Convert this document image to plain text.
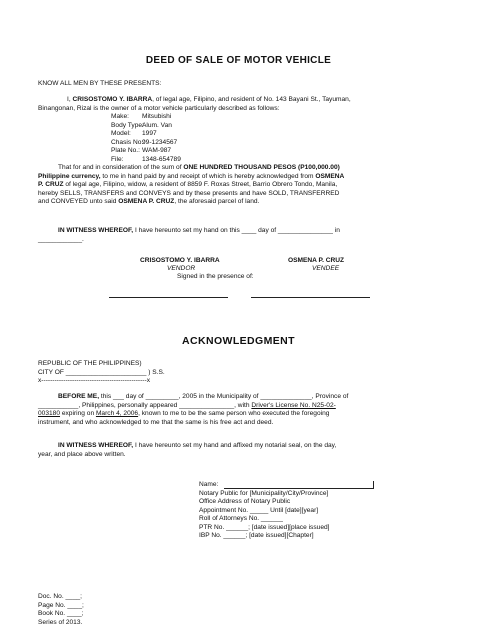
DEED OF SALE OF MOTOR VEHICLE
KNOW ALL MEN BY THESE PRESENTS:
I, CRISOSTOMO Y. IBARRA, of legal age, Filipino, and resident of No. 143 Bayani St., Tayuman,
Binangonan, Rizal is the owner of a motor vehicle particularly described as follows:
Make: Mitsubishi
Body Type:Alum. Van
Model: 1997
Chasis No.:99-1234567
Plate No.: WAM-987
File:	1348-654789
That for and in consideration of the sum of ONE HUNDRED THOUSAND PESOS (P100,000.00)
Philippine currency, to me in hand paid by and receipt of which is hereby acknowledged from OSMENA
P. CRUZ of legal age, Filipino, widow, a resident of 8859 F. Roxas Street, Barrio Obrero Tondo, Manila,
hereby SELLS, TRANSFERS and CONVEYS and by these presents and have SOLD, TRANSFERRED
and CONVEYED unto said OSMENA P. CRUZ, the aforesaid parcel of land.
IN WITNESS WHEREOF, I have hereunto set my hand on this ____ day of _______________ in
____________.
CRISOSTOMO Y. IBARRA
VENDOR
OSMENA P. CRUZ
VENDEE
Signed in the presence of:
ACKNOWLEDGMENT
REPUBLIC OF THE PHILIPPINES)
CITY OF ______________________ ) S.S.
x------------------------------------------------x
BEFORE ME, this ___ day of _________, 2005 in the Municipality of ______________, Province of
___________, Philippines, personally appeared _______________, with Driver's License No. N25-02-
003180 expiring on March 4, 2006, known to me to be the same person who executed the foregoing
instrument, and who acknowledged to me that the same is his free act and deed.
IN WITNESS WHEREOF, I have hereunto set my hand and affixed my notarial seal, on the day,
year, and place above written.
Name:
Notary Public for [Municipality/City/Province]
Office Address of Notary Public
Appointment No. _____ Until [date][year]
Roll of Attorneys No. ______
PTR No. ______; [date issued][place issued]
IBP No. ______; [date issued][Chapter]
Doc. No. ____;
Page No. ____;
Book No. ____;
Series of 2013.
